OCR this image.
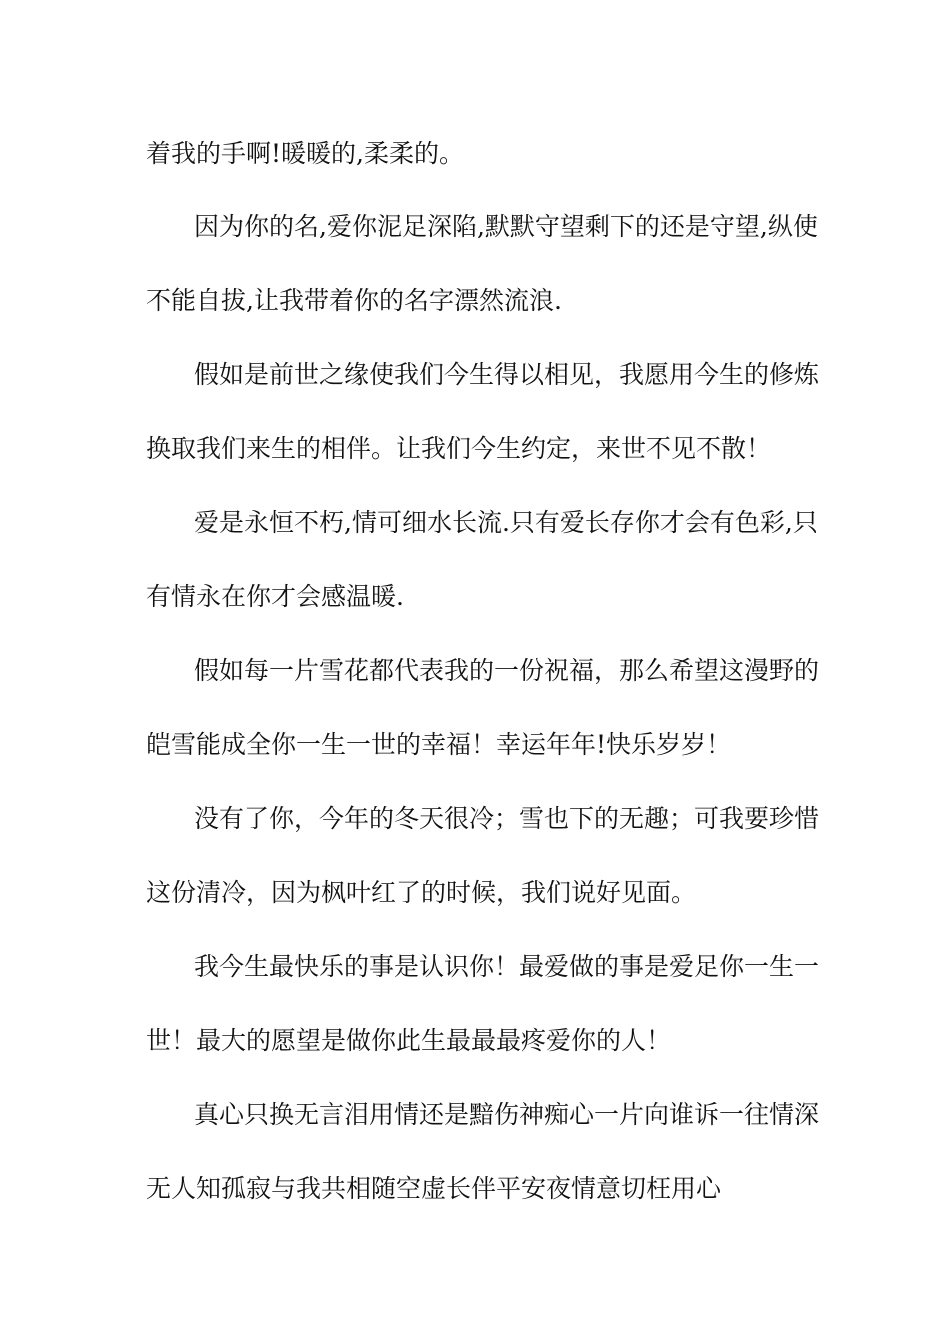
着我的手啊!暖暖的,柔柔的。

因为你的名,爱你泥足深陷,默默守望剩下的还是守望,纵使

不能自拔,让我带着你的名字漂然流浪.

假如是前世之缘使我们今生得以相见，我愿用今生的修炼

换取我们来生的相伴。让我们今生约定，来世不见不散！

爱是永恒不朽,情可细水长流.只有爱长存你才会有色彩,只

有情永在你才会感温暖.

假如每一片雪花都代表我的一份祝福，那么希望这漫野的

皑雪能成全你一生一世的幸福！幸运年年!快乐岁岁！

没有了你，今年的冬天很冷；雪也下的无趣；可我要珍惜

这份清冷，因为枫叶红了的时候，我们说好见面。

我今生最快乐的事是认识你！最爱做的事是爱足你一生一

世！最大的愿望是做你此生最最最疼爱你的人！

真心只换无言泪用情还是黯伤神痴心一片向谁诉一往情深

无人知孤寂与我共相随空虚长伴平安夜情意切枉用心
